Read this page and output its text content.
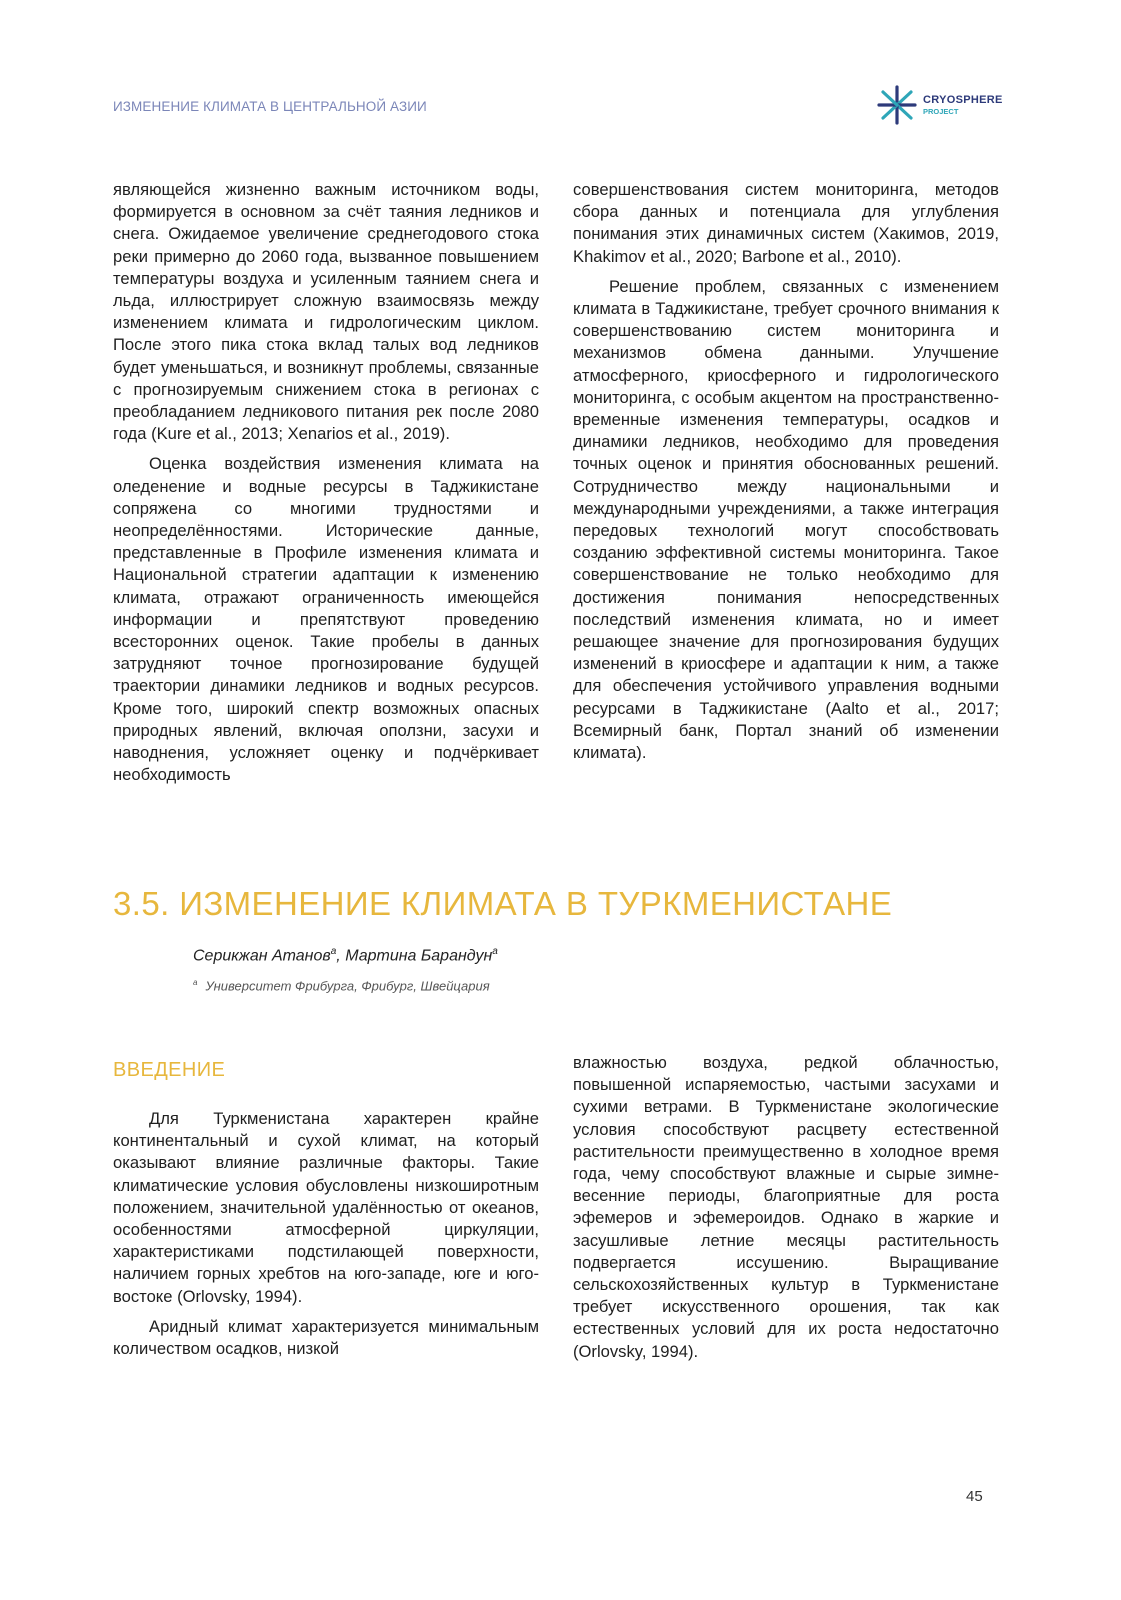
ИЗМЕНЕНИЕ КЛИМАТА В ЦЕНТРАЛЬНОЙ АЗИИ	CRYOSPHERE
PROJECT

являющейся жизненно важным источником воды, формируется в основном за счёт таяния ледников и снега. Ожидаемое увеличение среднегодового стока реки примерно до 2060 года, вызванное повышением температуры воздуха и усиленным таянием снега и льда, иллюстрирует сложную взаимосвязь между изменением климата и гидрологическим циклом. После этого пика стока вклад талых вод ледников будет уменьшаться, и возникнут проблемы, связанные с прогнозируемым снижением стока в регионах с преобладанием ледникового питания рек после 2080 года (Kure et al., 2013; Xenarios et al., 2019).

Оценка воздействия изменения климата на оледенение и водные ресурсы в Таджикистане сопряжена со многими трудностями и неопределённостями. Исторические данные, представленные в Профиле изменения климата и Национальной стратегии адаптации к изменению климата, отражают ограниченность имеющейся информации и препятствуют проведению всесторонних оценок. Такие пробелы в данных затрудняют точное прогнозирование будущей траектории динамики ледников и водных ресурсов. Кроме того, широкий спектр возможных опасных природных явлений, включая оползни, засухи и наводнения, усложняет оценку и подчёркивает необходимость

совершенствования систем мониторинга, методов сбора данных и потенциала для углубления понимания этих динамичных систем (Хакимов, 2019, Khakimov et al., 2020; Barbone et al., 2010).

Решение проблем, связанных с изменением климата в Таджикистане, требует срочного внимания к совершенствованию систем мониторинга и механизмов обмена данными. Улучшение атмосферного, криосферного и гидрологического мониторинга, с особым акцентом на пространственно-временные изменения температуры, осадков и динамики ледников, необходимо для проведения точных оценок и принятия обоснованных решений. Сотрудничество между национальными и международными учреждениями, а также интеграция передовых технологий могут способствовать созданию эффективной системы мониторинга. Такое совершенствование не только необходимо для достижения понимания непосредственных последствий изменения климата, но и имеет решающее значение для прогнозирования будущих изменений в криосфере и адаптации к ним, а также для обеспечения устойчивого управления водными ресурсами в Таджикистане (Aalto et al., 2017; Всемирный банк, Портал знаний об изменении климата).

3.5. ИЗМЕНЕНИЕ КЛИМАТА В ТУРКМЕНИСТАНЕ
Серикжан Атанов$^a$, Мартина Барандун$^a$
$^a$ Университет Фрибурга, Фрибург, Швейцария
ВВЕДЕНИЕ

Для Туркменистана характерен крайне континентальный и сухой климат, на который оказывают влияние различные факторы. Такие климатические условия обусловлены низкоширотным положением, значительной удалённостью от океанов, особенностями атмосферной циркуляции, характеристиками подстилающей поверхности, наличием горных хребтов на юго-западе, юге и юго-востоке (Orlovsky, 1994).

Аридный климат характеризуется минимальным количеством осадков, низкой

влажностью воздуха, редкой облачностью, повышенной испаряемостью, частыми засухами и сухими ветрами. В Туркменистане экологические условия способствуют расцвету естественной растительности преимущественно в холодное время года, чему способствуют влажные и сырые зимне-весенние периоды, благоприятные для роста эфемеров и эфемероидов. Однако в жаркие и засушливые летние месяцы растительность подвергается иссушению. Выращивание сельскохозяйственных культур в Туркменистане требует искусственного орошения, так как естественных условий для их роста недостаточно (Orlovsky, 1994).

45
